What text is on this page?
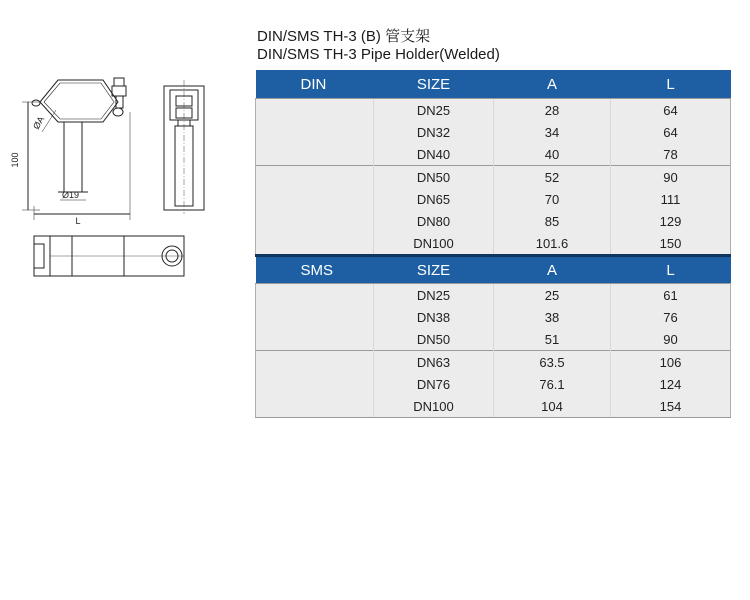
DIN/SMS TH-3 (B) 管支架
DIN/SMS TH-3 Pipe Holder(Welded)
100
ØA
Ø19
L
DIN	SIZE	A	L
	DN25	28	64
	DN32	34	64
	DN40	40	78
	DN50	52	90
	DN65	70	111
	DN80	85	129
	DN100	101.6	150
SMS	SIZE	A	L
	DN25	25	61
	DN38	38	76
	DN50	51	90
	DN63	63.5	106
	DN76	76.1	124
	DN100	104	154
